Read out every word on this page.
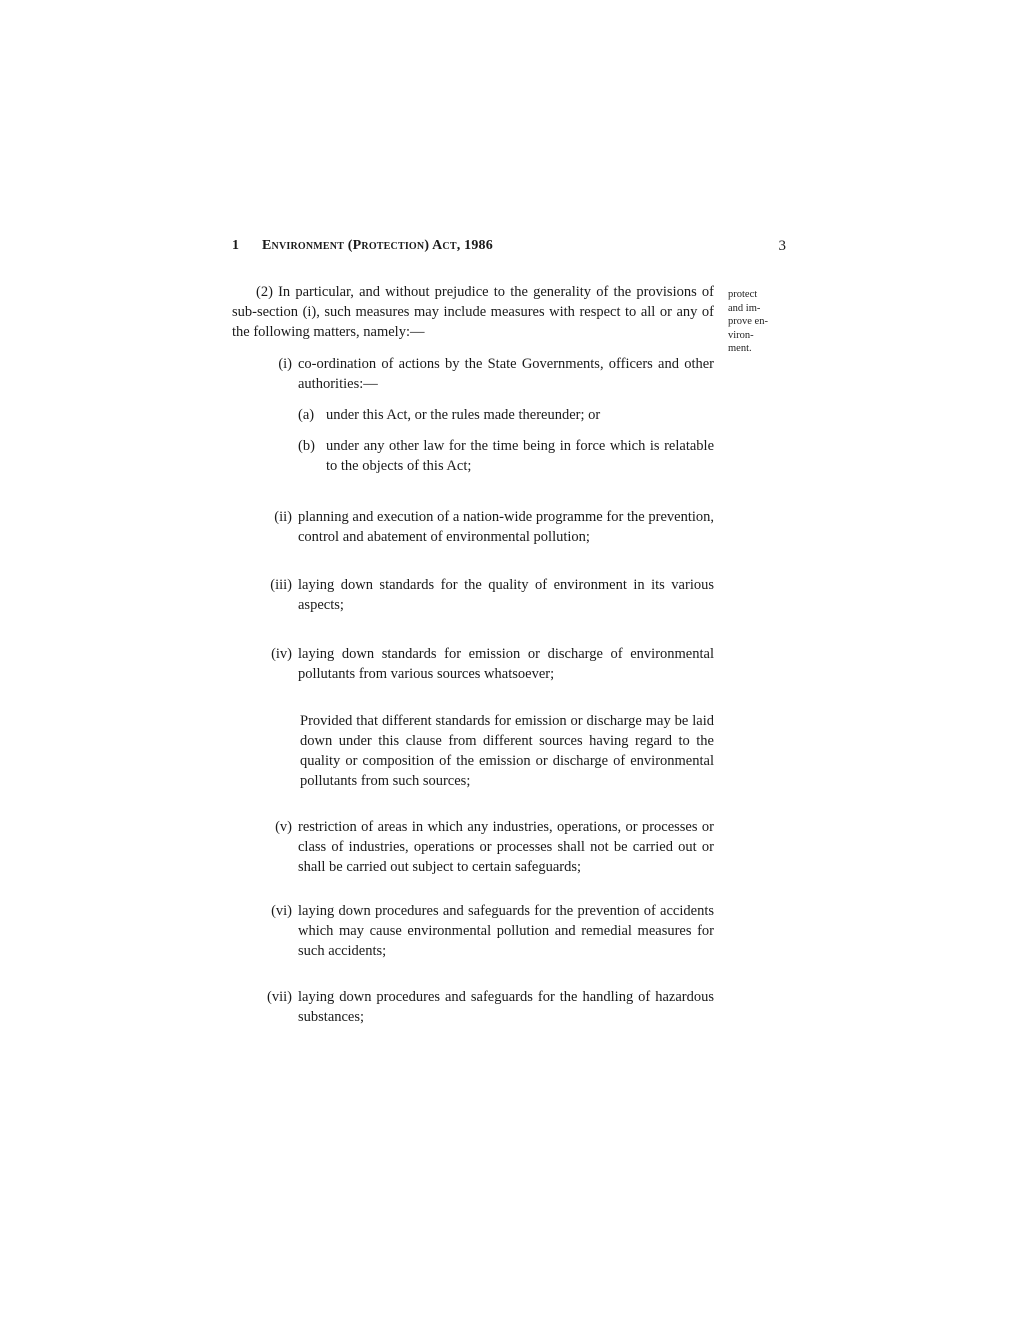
1 Environment (Protection) Act, 1986	3
protect
and im-
prove en-
viron-
ment.

(2) In particular, and without prejudice to the generality of the provisions of sub-section (i), such measures may include measures with respect to all or any of the following matters, namely:—

(i) co-ordination of actions by the State Governments, officers and other authorities:—

(a) under this Act, or the rules made thereunder; or

(b) under any other law for the time being in force which is relatable to the objects of this Act;

(ii) planning and execution of a nation-wide programme for the prevention, control and abatement of environmental pollution;

(iii) laying down standards for the quality of environment in its various aspects;

(iv) laying down standards for emission or discharge of environmental pollutants from various sources whatsoever;

Provided that different standards for emission or discharge may be laid down under this clause from different sources having regard to the quality or composition of the emission or discharge of environmental pollutants from such sources;

(v) restriction of areas in which any industries, operations, or processes or class of industries, operations or processes shall not be carried out or shall be carried out subject to certain safeguards;

(vi) laying down procedures and safeguards for the prevention of accidents which may cause environmental pollution and remedial measures for such accidents;

(vii) laying down procedures and safeguards for the handling of hazardous substances;
